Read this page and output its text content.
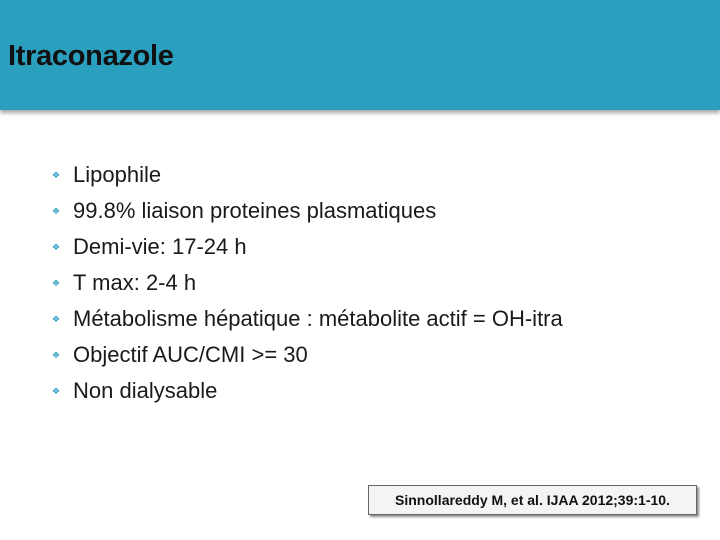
Itraconazole
❖ Lipophile
❖ 99.8% liaison proteines plasmatiques
❖ Demi-vie: 17-24 h
❖ T max: 2-4 h
❖ Métabolisme hépatique : métabolite actif = OH-itra
❖ Objectif AUC/CMI >= 30
❖ Non dialysable
Sinnollareddy M, et al. IJAA 2012;39:1-10.
